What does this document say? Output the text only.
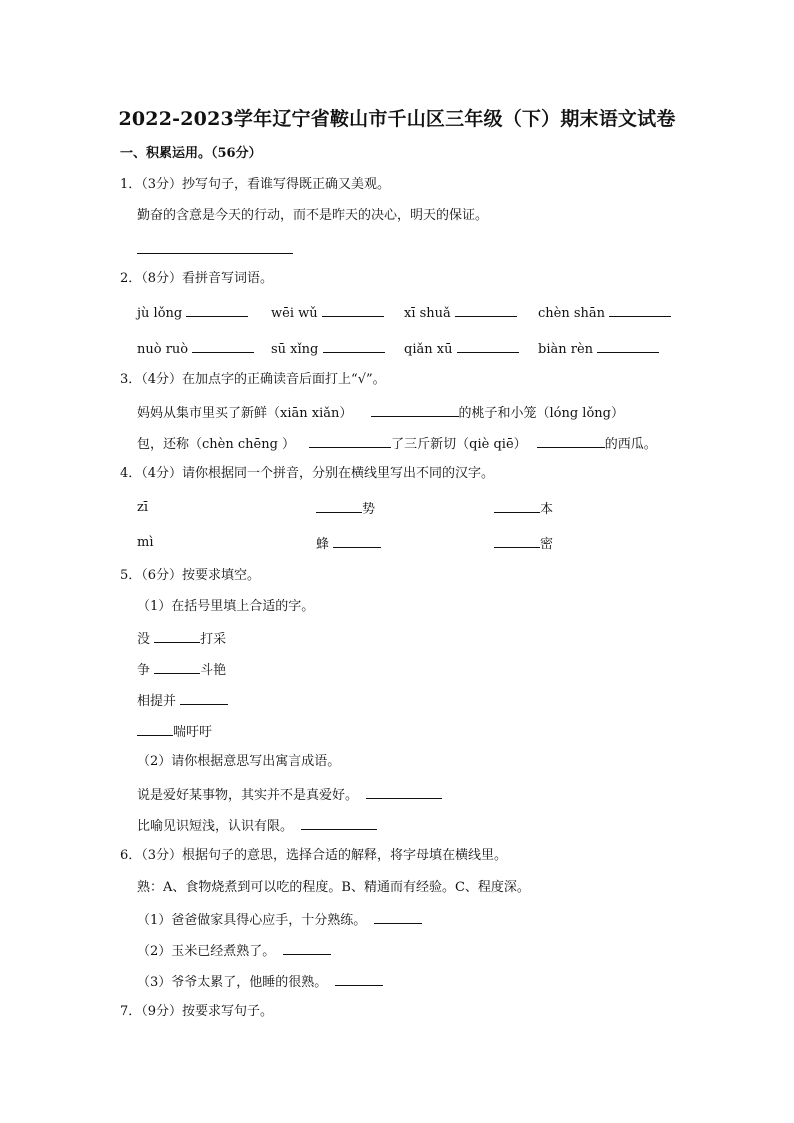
2022-2023学年辽宁省鞍山市千山区三年级（下）期末语文试卷
一、积累运用。（56分）
1．（3分）抄写句子，看谁写得既正确又美观。
勤奋的含意是今天的行动，而不是昨天的决心，明天的保证。
2．（8分）看拼音写词语。
jù lǒng	wēi wǔ	xī shuǎ	chèn shān
nuò ruò	sū xǐng	qiǎn xū	biàn rèn
3．（4分）在加点字的正确读音后面打上“√”。
妈妈从集市里买了新鲜（xiān xiǎn）	的桃子和小笼（lóng lǒng）
包，还称（chèn chēng ）	了三斤新切（qiè qiē）	的西瓜。
4．（4分）请你根据同一个拼音，分别在横线里写出不同的汉字。
zī	势	本
mì	蜂	密
5．（6分）按要求填空。
（1）在括号里填上合适的字。
没	打采
争	斗艳
相提并
喘吁吁
（2）请你根据意思写出寓言成语。
说是爱好某事物，其实并不是真爱好。
比喻见识短浅，认识有限。
6．（3分）根据句子的意思，选择合适的解释，将字母填在横线里。
熟：A、食物烧煮到可以吃的程度。B、精通而有经验。C、程度深。
（1）爸爸做家具得心应手，十分熟练。
（2）玉米已经煮熟了。
（3）爷爷太累了，他睡的很熟。
7．（9分）按要求写句子。
